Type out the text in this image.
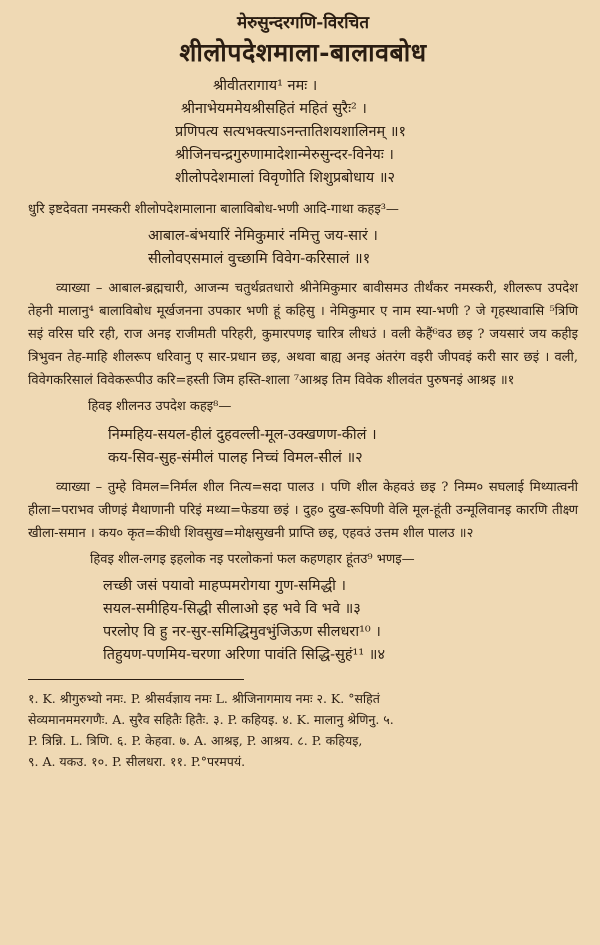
मेरुसुन्दरगणि-विरचित
शीलोपदेशमाला-बालावबोध
श्रीवीतरागाय¹ नमः ।
श्रीनाभेयममेयश्रीसहितं महितं सुरैः² ।
प्रणिपत्य सत्यभक्त्याऽनन्तातिशयशालिनम् ॥१
श्रीजिनचन्द्रगुरुणामादेशान्मेरुसुन्दर-विनेयः ।
शीलोपदेशमालां विवृणोति शिशुप्रबोधाय ॥२
धुरि इष्टदेवता नमस्करी शीलोपदेशमालाना बालाविबोध-भणी आदि-गाथा कहइ³—
आबाल-बंभयारिं नेमिकुमारं नमित्तु जय-सारं ।
सीलोवएसमालं वुच्छामि विवेग-करिसालं ॥१
व्याख्या – आबाल-ब्रह्मचारी, आजन्म चतुर्थव्रतधारो श्रीनेमिकुमार बावीसमउ तीर्थंकर नमस्करी, शीलरूप उपदेश तेहनी मालानु⁴ बालाविबोध मूर्खजनना उपकार भणी हूं कहिसु । नेमिकुमार ए नाम स्या-भणी ? जे गृहस्थावासि ⁵त्रिणि सइं वरिस घरि रही, राज अनइ राजीमती परिहरी, कुमारपणइ चारित्र लीधउं । वली केहैं⁶वउ छइ ? जयसारं जय कहीइ त्रिभुवन तेह-माहि शीलरूप धरिवानु ए सार-प्रधान छइ, अथवा बाह्य अनइ अंतरंग वइरी जीपवइं करी सार छइं । वली, विवेगकरिसालं विवेकरूपीउ करि=हस्ती जिम हस्ति-शाला ⁷आश्रइ तिम विवेक शीलवंत पुरुषनइं आश्रइ ॥१
हिवइ शीलनउ उपदेश कहइ⁸—
निम्महिय-सयल-हीलं दुहवल्ली-मूल-उक्खणण-कीलं ।
कय-सिव-सुह-संमीलं पालह निच्चं विमल-सीलं ॥२
व्याख्या – तुम्हे विमल=निर्मल शील नित्य=सदा पालउ । पणि शील केहवउं छइ ? निम्म० सघलाई मिथ्यात्वनी हीला=पराभव जीणइं मैथाणानी परिइं मथ्या=फेडया छइं । दुह० दुख-रूपिणी वेलि मूल-हूंती उन्मूलिवानइ कारणि तीक्ष्ण खीला-समान । कय० कृत=कीधी शिवसुख=मोक्षसुखनी प्राप्ति छइ, एहवउं उत्तम शील पालउ ॥२
हिवइ शील-लगइ इहलोक नइ परलोकनां फल कहणहार हूंतउ⁹ भणइ—
लच्छी जसं पयावो माहप्पमरोगया गुण-समिद्धी ।
सयल-समीहिय-सिद्धी सीलाओ इह भवे वि भवे ॥३
परलोए वि हु नर-सुर-समिद्धिमुवभुंजिऊण सीलधरा¹⁰ ।
तिहुयण-पणमिय-चरणा अरिणा पावंति सिद्धि-सुहं¹¹ ॥४
१. K. श्रीगुरुभ्यो नमः. P. श्रीसर्वज्ञाय नमः L. श्रीजिनागमाय नमः २. K. °सहितं
सेव्यमानममरगणैः. A. सुरैव सहितैः हितैः. ३. P. कहियइ. ४. K. मालानु श्रेणिनु. ५.
P. त्रिन्नि. L. त्रिणि. ६. P. केहवा. ७. A. आश्रइ, P. आश्रय. ८. P. कहियइ,
९. A. यकउ. १०. P. सीलधरा. ११. P.°परमपयं.
